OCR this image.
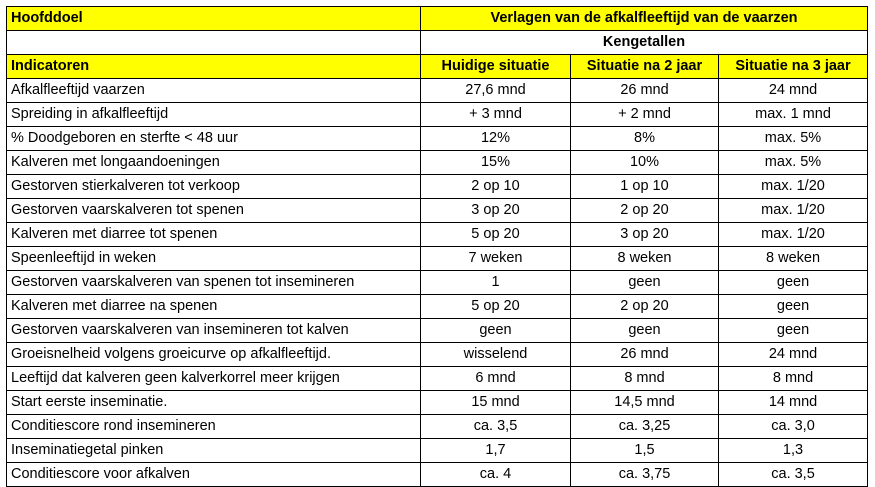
Hoofddoel	Verlagen van de afkalfleeftijd van de vaarzen		
	Kengetallen		
Indicatoren	Huidige situatie	Situatie na 2 jaar	Situatie na 3 jaar
Afkalfleeftijd vaarzen	27,6 mnd	26 mnd	24 mnd
Spreiding in afkalfleeftijd	+ 3 mnd	+ 2 mnd	max. 1 mnd
% Doodgeboren en sterfte < 48 uur	12%	8%	max. 5%
Kalveren met longaandoeningen	15%	10%	max. 5%
Gestorven stierkalveren tot verkoop	2 op 10	1 op 10	max. 1/20
Gestorven vaarskalveren tot spenen	3 op 20	2 op 20	max. 1/20
Kalveren met diarree tot spenen	5 op 20	3 op 20	max. 1/20
Speenleeftijd in weken	7 weken	8 weken	8 weken
Gestorven vaarskalveren van spenen tot insemineren	1	geen	geen
Kalveren met diarree na spenen	5 op 20	2 op 20	geen
Gestorven vaarskalveren van insemineren tot kalven	geen	geen	geen
Groeisnelheid volgens groeicurve op afkalfleeftijd.	wisselend	26 mnd	24 mnd
Leeftijd dat kalveren geen kalverkorrel meer krijgen	6 mnd	8 mnd	8 mnd
Start eerste inseminatie.	15 mnd	14,5 mnd	14 mnd
Conditiescore rond insemineren	ca. 3,5	ca. 3,25	ca. 3,0
Inseminatiegetal pinken	1,7	1,5	1,3
Conditiescore voor afkalven	ca. 4	ca. 3,75	ca. 3,5
